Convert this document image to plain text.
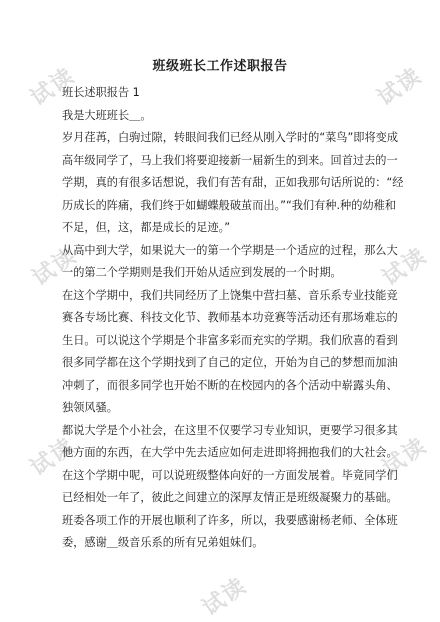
试读	试读
试读	试读
试读	试读
试读
班级班长工作述职报告

班长述职报告 1

我是大班班长＿。

岁月荏苒，白驹过隙，转眼间我们已经从刚入学时的“菜鸟”即将变成

高年级同学了，马上我们将要迎接新一届新生的到来。回首过去的一

学期，真的有很多话想说，我们有苦有甜，正如我那句话所说的：“经

历成长的阵痛，我们终于如蝴蝶般破茧而出。”“我们有种.种的幼稚和

不足，但，这，都是成长的足迹。”

从高中到大学，如果说大一的第一个学期是一个适应的过程，那么大

一的第二个学期则是我们开始从适应到发展的一个时期。

在这个学期中，我们共同经历了上饶集中营扫墓、音乐系专业技能竞

赛各专场比赛、科技文化节、教师基本功竞赛等活动还有那场难忘的

生日。可以说这个学期是个非富多彩而充实的学期。我们欣喜的看到

很多同学都在这个学期找到了自己的定位，开始为自己的梦想而加油

冲刺了，而很多同学也开始不断的在校园内的各个活动中崭露头角、

独领风骚。

都说大学是个小社会，在这里不仅要学习专业知识，更要学习很多其

他方面的东西，在大学中先去适应如何走进即将拥抱我们的大社会。

在这个学期中呢，可以说班级整体向好的一方面发展着。毕竟同学们

已经相处一年了，彼此之间建立的深厚友情正是班级凝聚力的基础。

班委各项工作的开展也顺利了许多，所以，我要感谢杨老师、全体班

委，感谢＿级音乐系的所有兄弟姐妹们。
